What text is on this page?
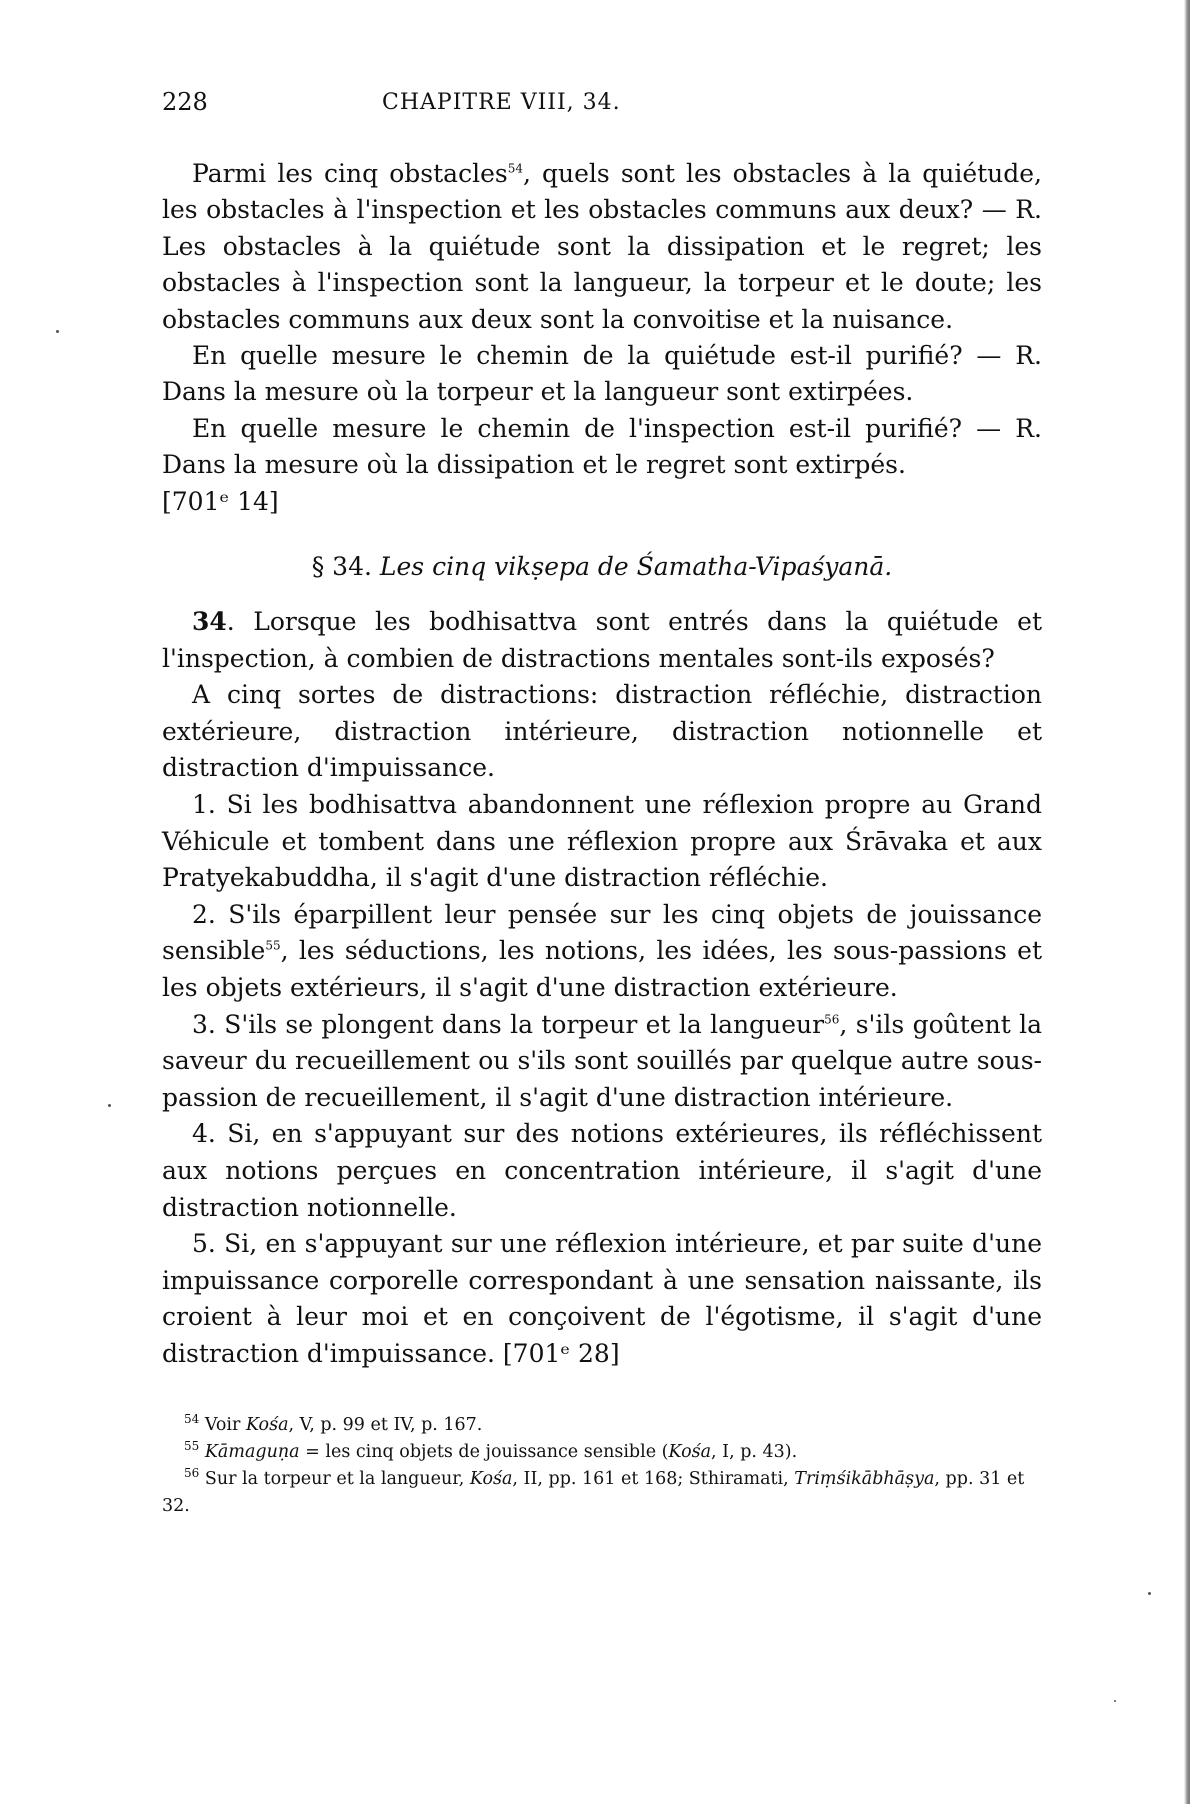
228	CHAPITRE VIII, 34.

Parmi les cinq obstacles$^{54}$, quels sont les obstacles à la quiétude, les obstacles à l'inspection et les obstacles communs aux deux? — R. Les obstacles à la quiétude sont la dissipation et le regret; les obstacles à l'inspection sont la langueur, la torpeur et le doute; les obstacles communs aux deux sont la convoitise et la nuisance.

En quelle mesure le chemin de la quiétude est-il purifié? — R. Dans la mesure où la torpeur et la langueur sont extirpées.

En quelle mesure le chemin de l'inspection est-il purifié? — R. Dans la mesure où la dissipation et le regret sont extirpés.
[701ᵉ 14]

§ 34. Les cinq vikṣepa de Śamatha-Vipaśyanā.

34. Lorsque les bodhisattva sont entrés dans la quiétude et l'inspection, à combien de distractions mentales sont-ils exposés?

A cinq sortes de distractions: distraction réfléchie, distraction extérieure, distraction intérieure, distraction notionnelle et distraction d'impuissance.

1. Si les bodhisattva abandonnent une réflexion propre au Grand Véhicule et tombent dans une réflexion propre aux Śrāvaka et aux Pratyekabuddha, il s'agit d'une distraction réfléchie.

2. S'ils éparpillent leur pensée sur les cinq objets de jouissance sensible$^{55}$, les séductions, les notions, les idées, les sous-passions et les objets extérieurs, il s'agit d'une distraction extérieure.

3. S'ils se plongent dans la torpeur et la langueur$^{56}$, s'ils goûtent la saveur du recueillement ou s'ils sont souillés par quelque autre sous-passion de recueillement, il s'agit d'une distraction intérieure.

4. Si, en s'appuyant sur des notions extérieures, ils réfléchissent aux notions perçues en concentration intérieure, il s'agit d'une distraction notionnelle.

5. Si, en s'appuyant sur une réflexion intérieure, et par suite d'une impuissance corporelle correspondant à une sensation naissante, ils croient à leur moi et en conçoivent de l'égotisme, il s'agit d'une distraction d'impuissance. [701ᵉ 28]

$^{54}$ Voir Kośa, V, p. 99 et IV, p. 167.

$^{55}$ Kāmaguṇa = les cinq objets de jouissance sensible (Kośa, I, p. 43).

$^{56}$ Sur la torpeur et la langueur, Kośa, II, pp. 161 et 168; Sthiramati, Triṃśikābhāṣya, pp. 31 et 32.
